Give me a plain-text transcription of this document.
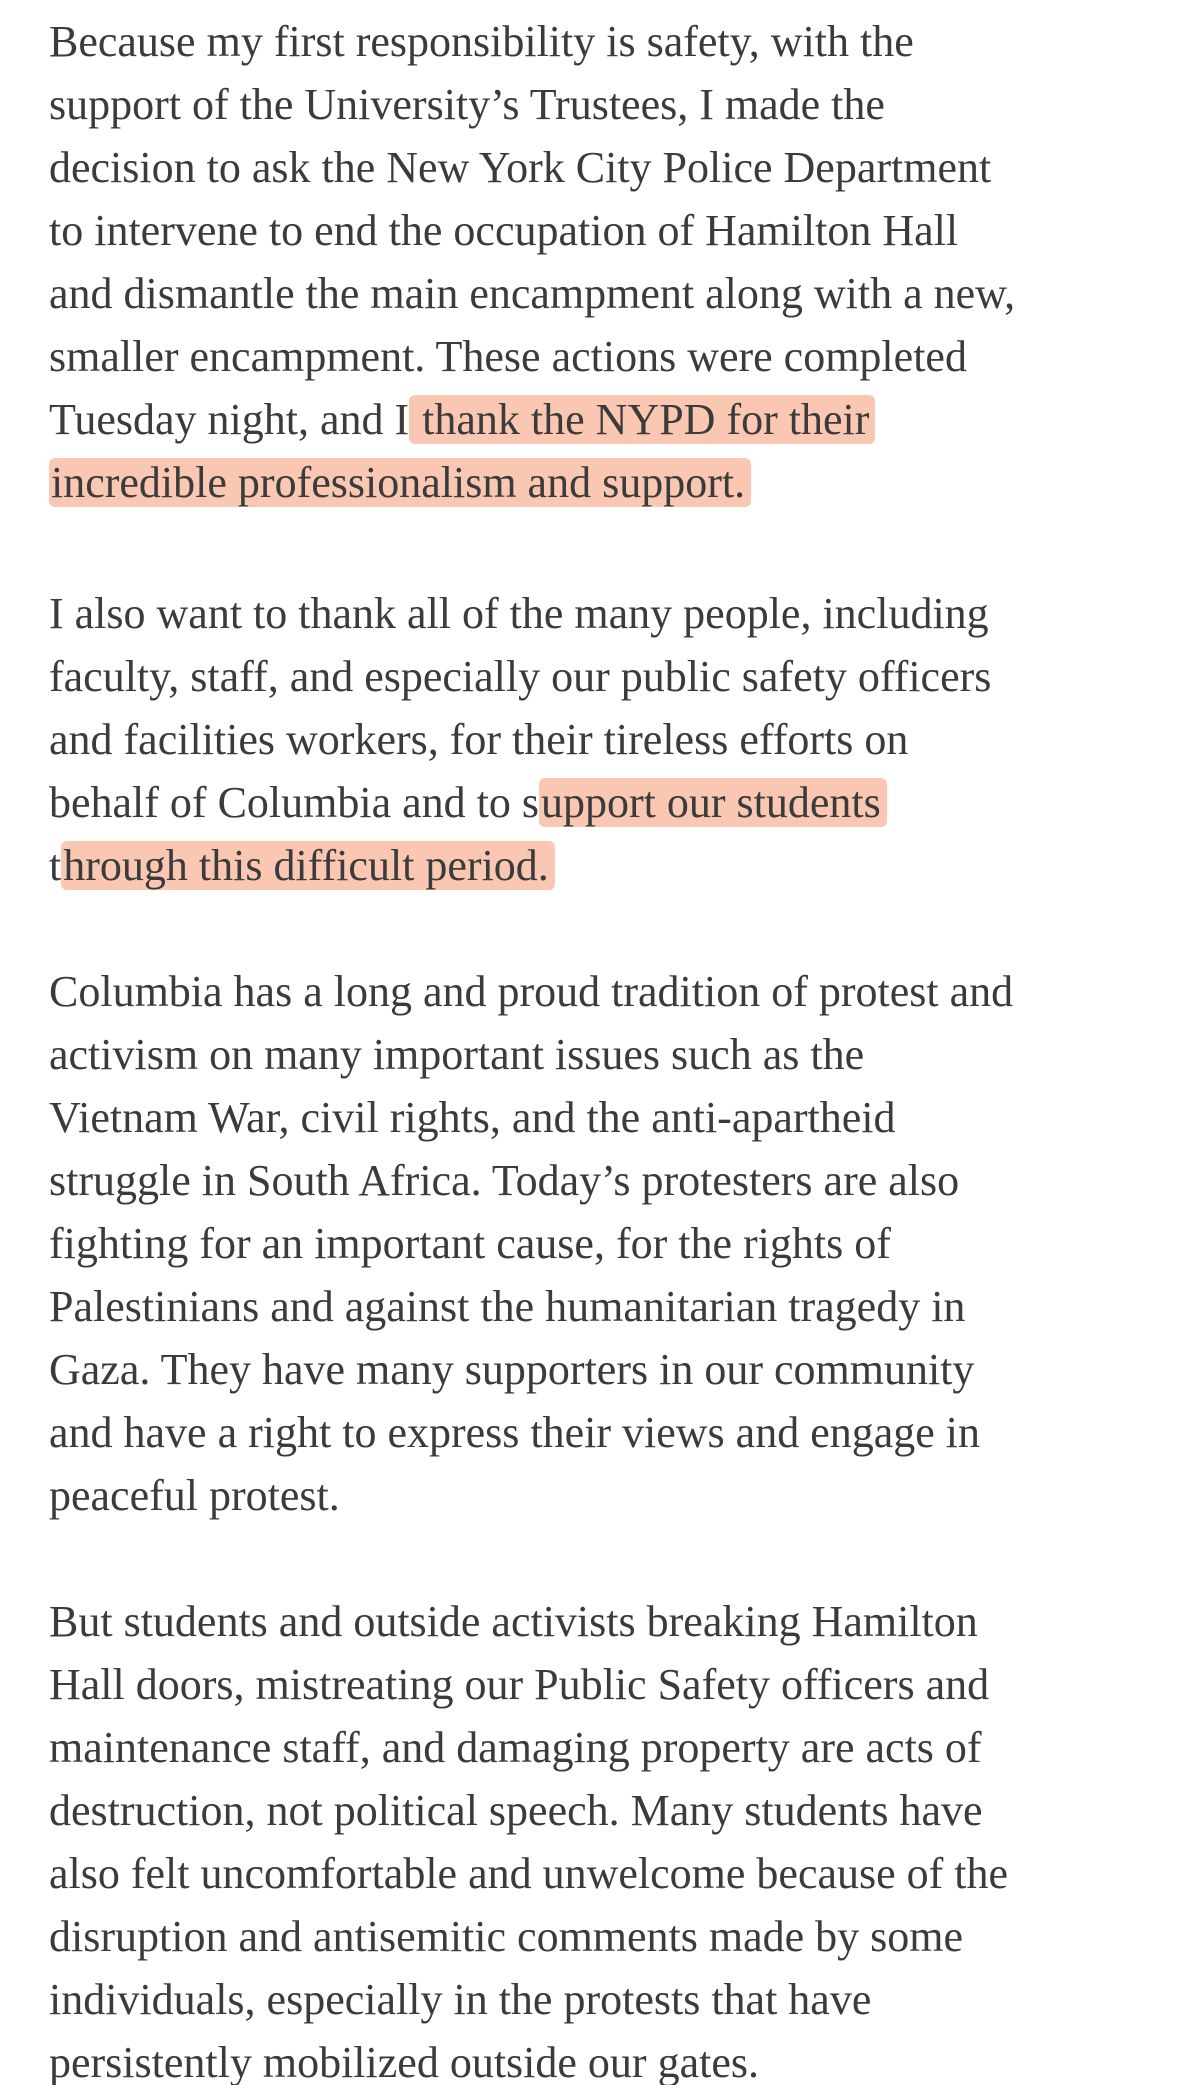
Because my first responsibility is safety, with the
support of the University’s Trustees, I made the
decision to ask the New York City Police Department
to intervene to end the occupation of Hamilton Hall
and dismantle the main encampment along with a new,
smaller encampment. These actions were completed
Tuesday night, and I thank the NYPD for their
incredible professionalism and support.
I also want to thank all of the many people, including
faculty, staff, and especially our public safety officers
and facilities workers, for their tireless efforts on
behalf of Columbia and to support our students
through this difficult period.
Columbia has a long and proud tradition of protest and
activism on many important issues such as the
Vietnam War, civil rights, and the anti-apartheid
struggle in South Africa. Today’s protesters are also
fighting for an important cause, for the rights of
Palestinians and against the humanitarian tragedy in
Gaza. They have many supporters in our community
and have a right to express their views and engage in
peaceful protest.
But students and outside activists breaking Hamilton
Hall doors, mistreating our Public Safety officers and
maintenance staff, and damaging property are acts of
destruction, not political speech. Many students have
also felt uncomfortable and unwelcome because of the
disruption and antisemitic comments made by some
individuals, especially in the protests that have
persistently mobilized outside our gates.
